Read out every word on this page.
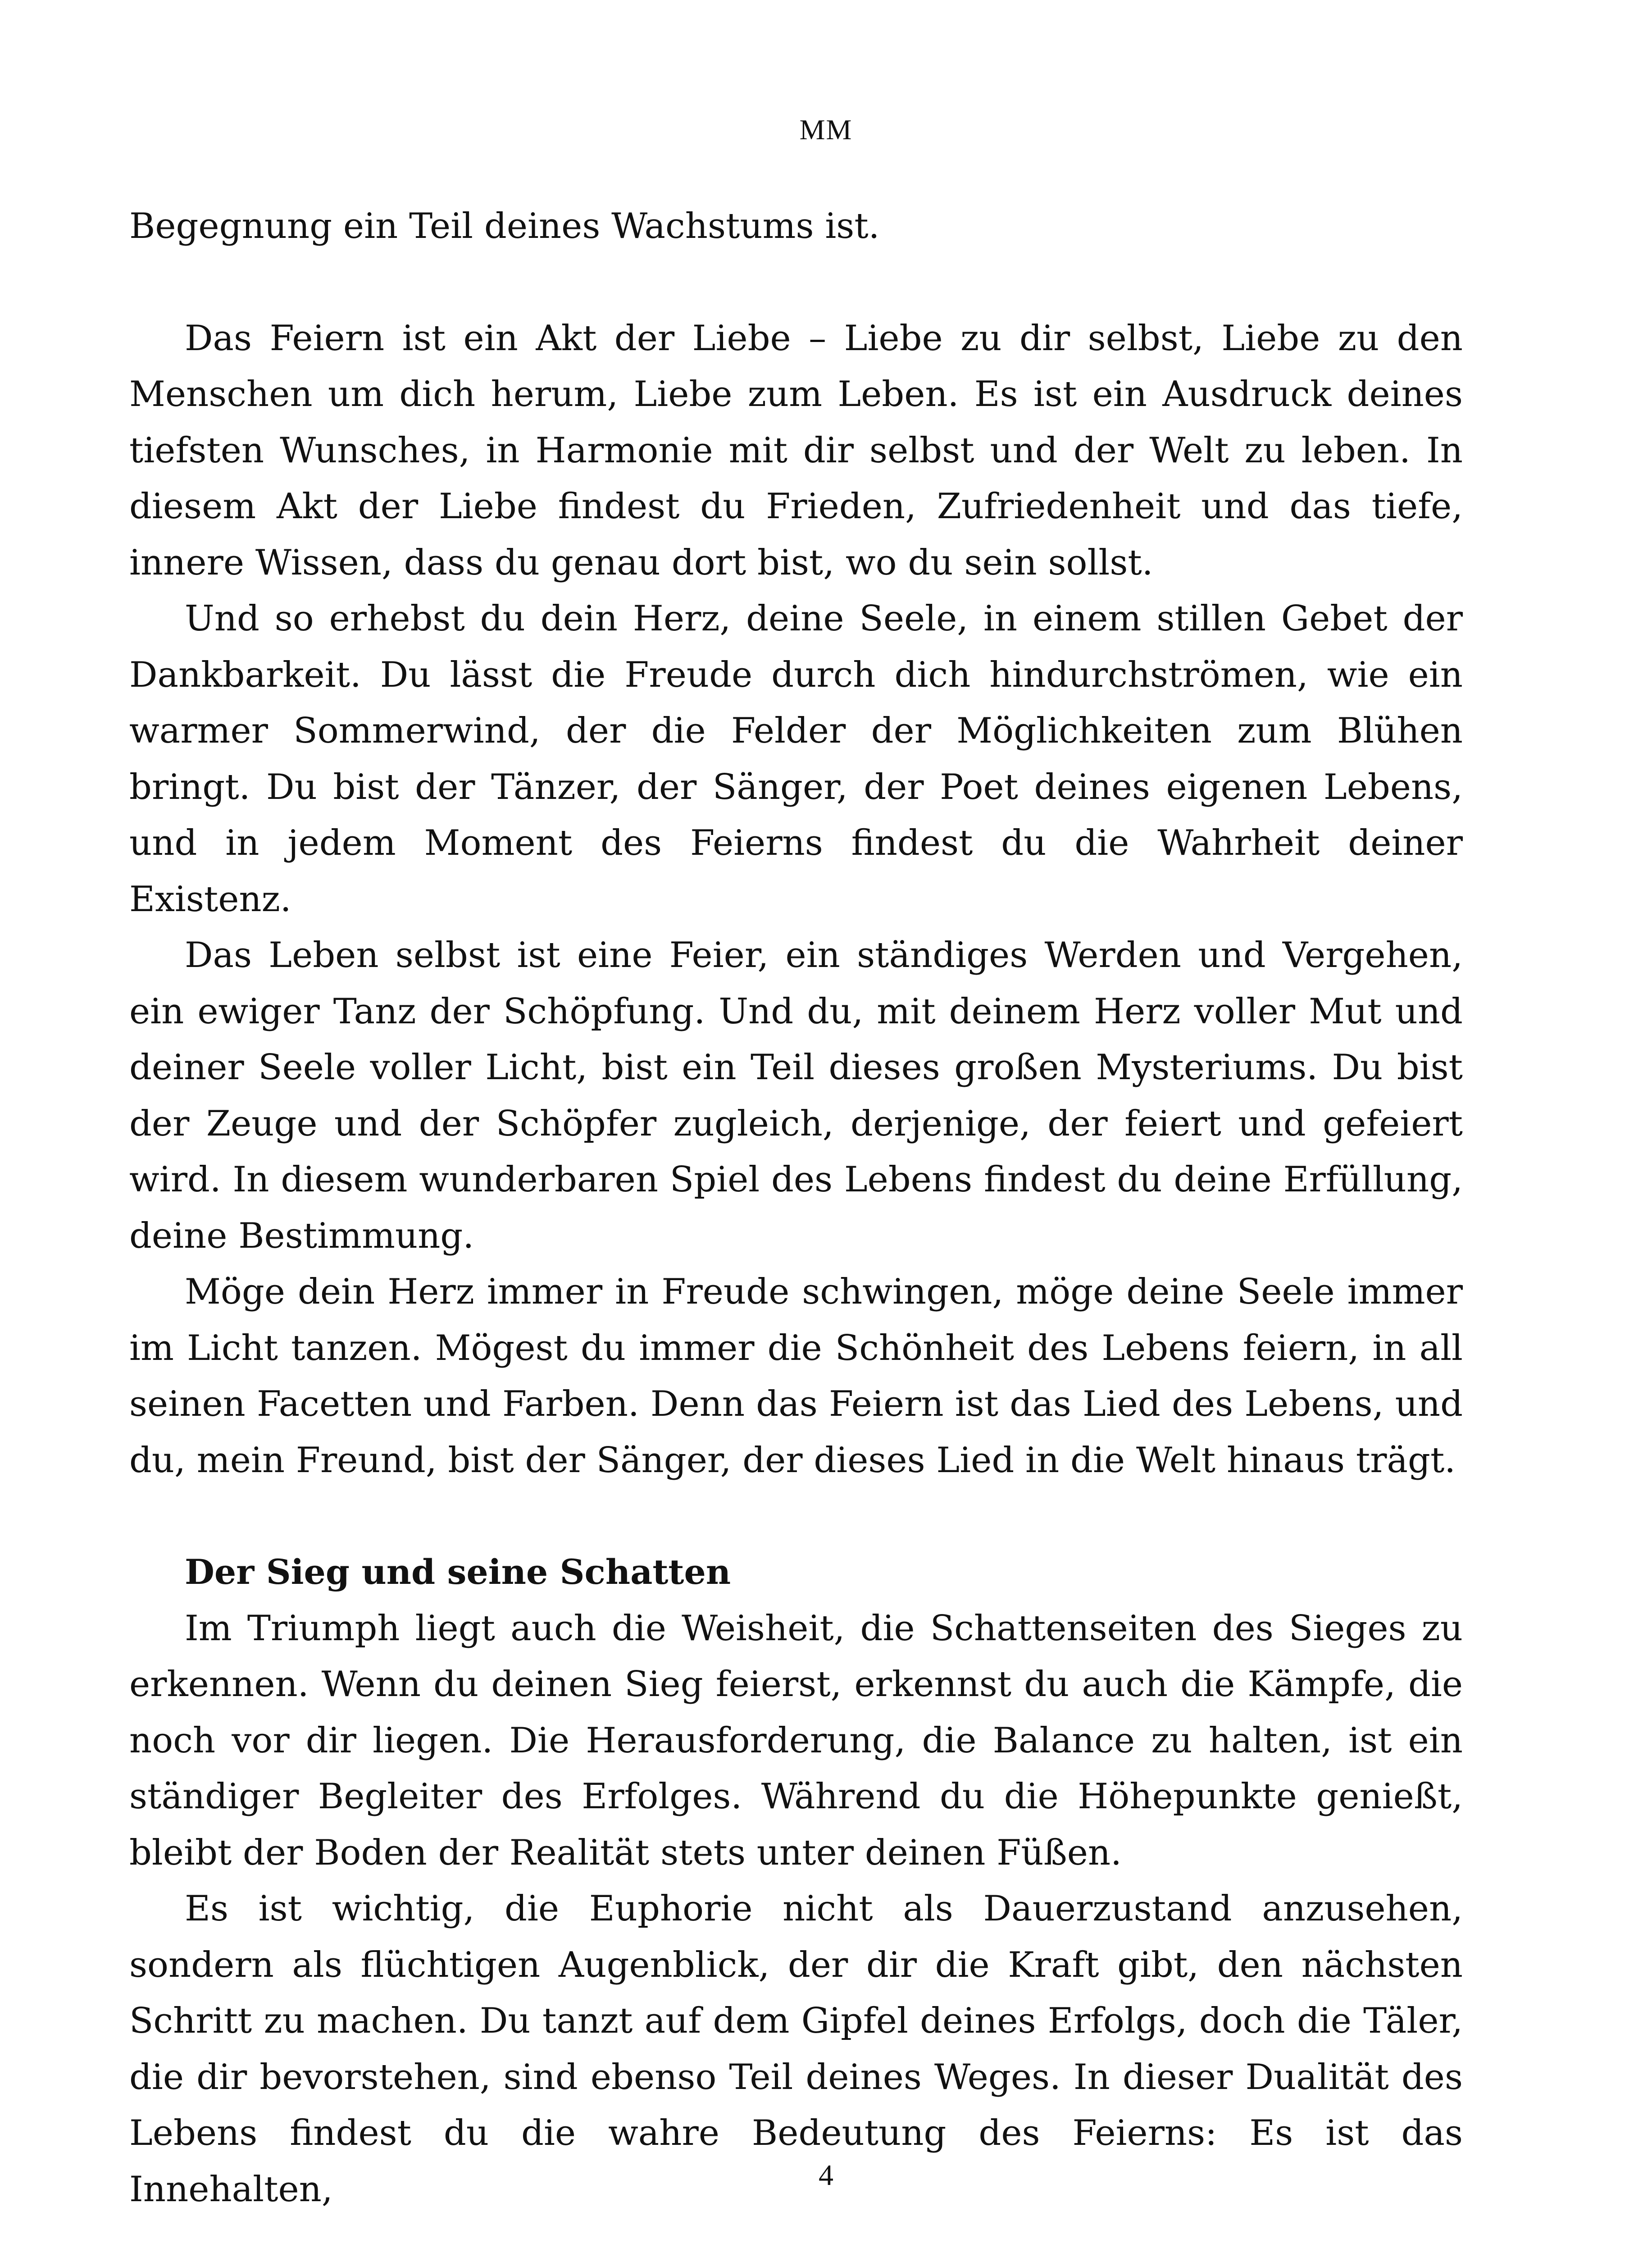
MM

Begegnung ein Teil deines Wachstums ist.

Das Feiern ist ein Akt der Liebe – Liebe zu dir selbst, Liebe zu den Menschen um dich herum, Liebe zum Leben. Es ist ein Ausdruck deines tiefsten Wunsches, in Harmonie mit dir selbst und der Welt zu leben. In diesem Akt der Liebe findest du Frieden, Zufriedenheit und das tiefe, innere Wissen, dass du genau dort bist, wo du sein sollst.

Und so erhebst du dein Herz, deine Seele, in einem stillen Gebet der Dankbarkeit. Du lässt die Freude durch dich hindurchströmen, wie ein warmer Sommerwind, der die Felder der Möglichkeiten zum Blühen bringt. Du bist der Tänzer, der Sänger, der Poet deines eigenen Lebens, und in jedem Moment des Feierns findest du die Wahrheit deiner Existenz.

Das Leben selbst ist eine Feier, ein ständiges Werden und Vergehen, ein ewiger Tanz der Schöpfung. Und du, mit deinem Herz voller Mut und deiner Seele voller Licht, bist ein Teil dieses großen Mysteriums. Du bist der Zeuge und der Schöpfer zugleich, derjenige, der feiert und gefeiert wird. In diesem wunderbaren Spiel des Lebens findest du deine Erfüllung, deine Bestimmung.

Möge dein Herz immer in Freude schwingen, möge deine Seele immer im Licht tanzen. Mögest du immer die Schönheit des Lebens feiern, in all seinen Facetten und Farben. Denn das Feiern ist das Lied des Lebens, und du, mein Freund, bist der Sänger, der dieses Lied in die Welt hinaus trägt.

Der Sieg und seine Schatten

Im Triumph liegt auch die Weisheit, die Schattenseiten des Sieges zu erkennen. Wenn du deinen Sieg feierst, erkennst du auch die Kämpfe, die noch vor dir liegen. Die Herausforderung, die Balance zu halten, ist ein ständiger Begleiter des Erfolges. Während du die Höhepunkte genießt, bleibt der Boden der Realität stets unter deinen Füßen.

Es ist wichtig, die Euphorie nicht als Dauerzustand anzusehen, sondern als flüchtigen Augenblick, der dir die Kraft gibt, den nächsten Schritt zu machen. Du tanzt auf dem Gipfel deines Erfolgs, doch die Täler, die dir bevorstehen, sind ebenso Teil deines Weges. In dieser Dualität des Lebens findest du die wahre Bedeutung des Feierns: Es ist das Innehalten,	4
